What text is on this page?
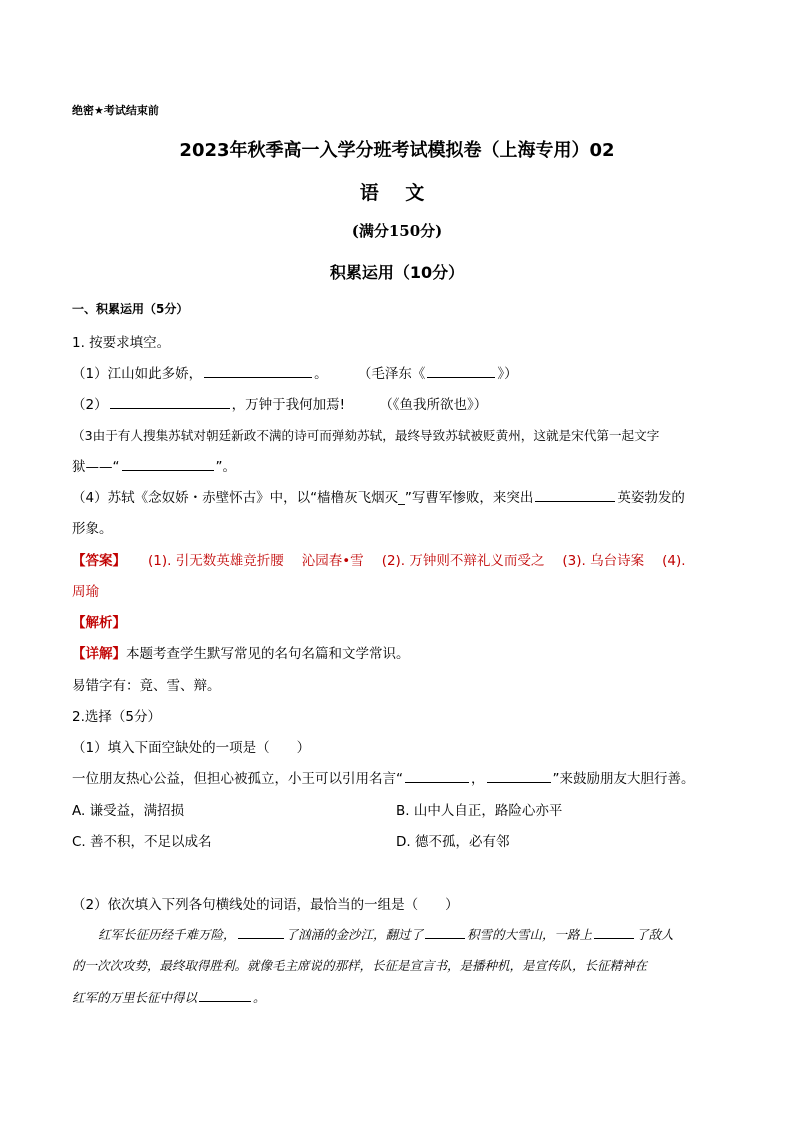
绝密★考试结束前
2023年秋季高一入学分班考试模拟卷（上海专用）02
语 文
(满分150分)
积累运用（10分）
一、积累运用（5分）
1. 按要求填空。
（1）江山如此多娇，	。 （毛泽东《	》）
（2）	，万钟于我何加焉!	（《鱼我所欲也》）
（3由于有人搜集苏轼对朝廷新政不满的诗可而弹劾苏轼，最终导致苏轼被贬黄州，这就是宋代第一起文字
狱——“	”。
（4）苏轼《念奴娇・赤壁怀古》中，以“樯橹灰飞烟灭_”写曹军惨败，来突出	英姿勃发的
形象。
【答案】 (1). 引无数英雄竞折腰 沁园春•雪 (2). 万钟则不辩礼义而受之 (3). 乌台诗案 (4).
周瑜
【解析】
【详解】本题考查学生默写常见的名句名篇和文学常识。
易错字有：竟、雪、辩。
2.选择（5分）
（1）填入下面空缺处的一项是（　　）
一位朋友热心公益，但担心被孤立，小王可以引用名言“	，	”来鼓励朋友大胆行善。
A. 谦受益，满招损	B. 山中人自正，路险心亦平
C. 善不积，不足以成名	D. 德不孤，必有邻
（2）依次填入下列各句横线处的词语，最恰当的一组是（　　）
红军长征历经千难万险，	了汹涌的金沙江，翻过了	积雪的大雪山，一路上	了敌人
的一次次攻势，最终取得胜利。就像毛主席说的那样，长征是宣言书，是播种机，是宣传队，长征精神在
红军的万里长征中得以	。
